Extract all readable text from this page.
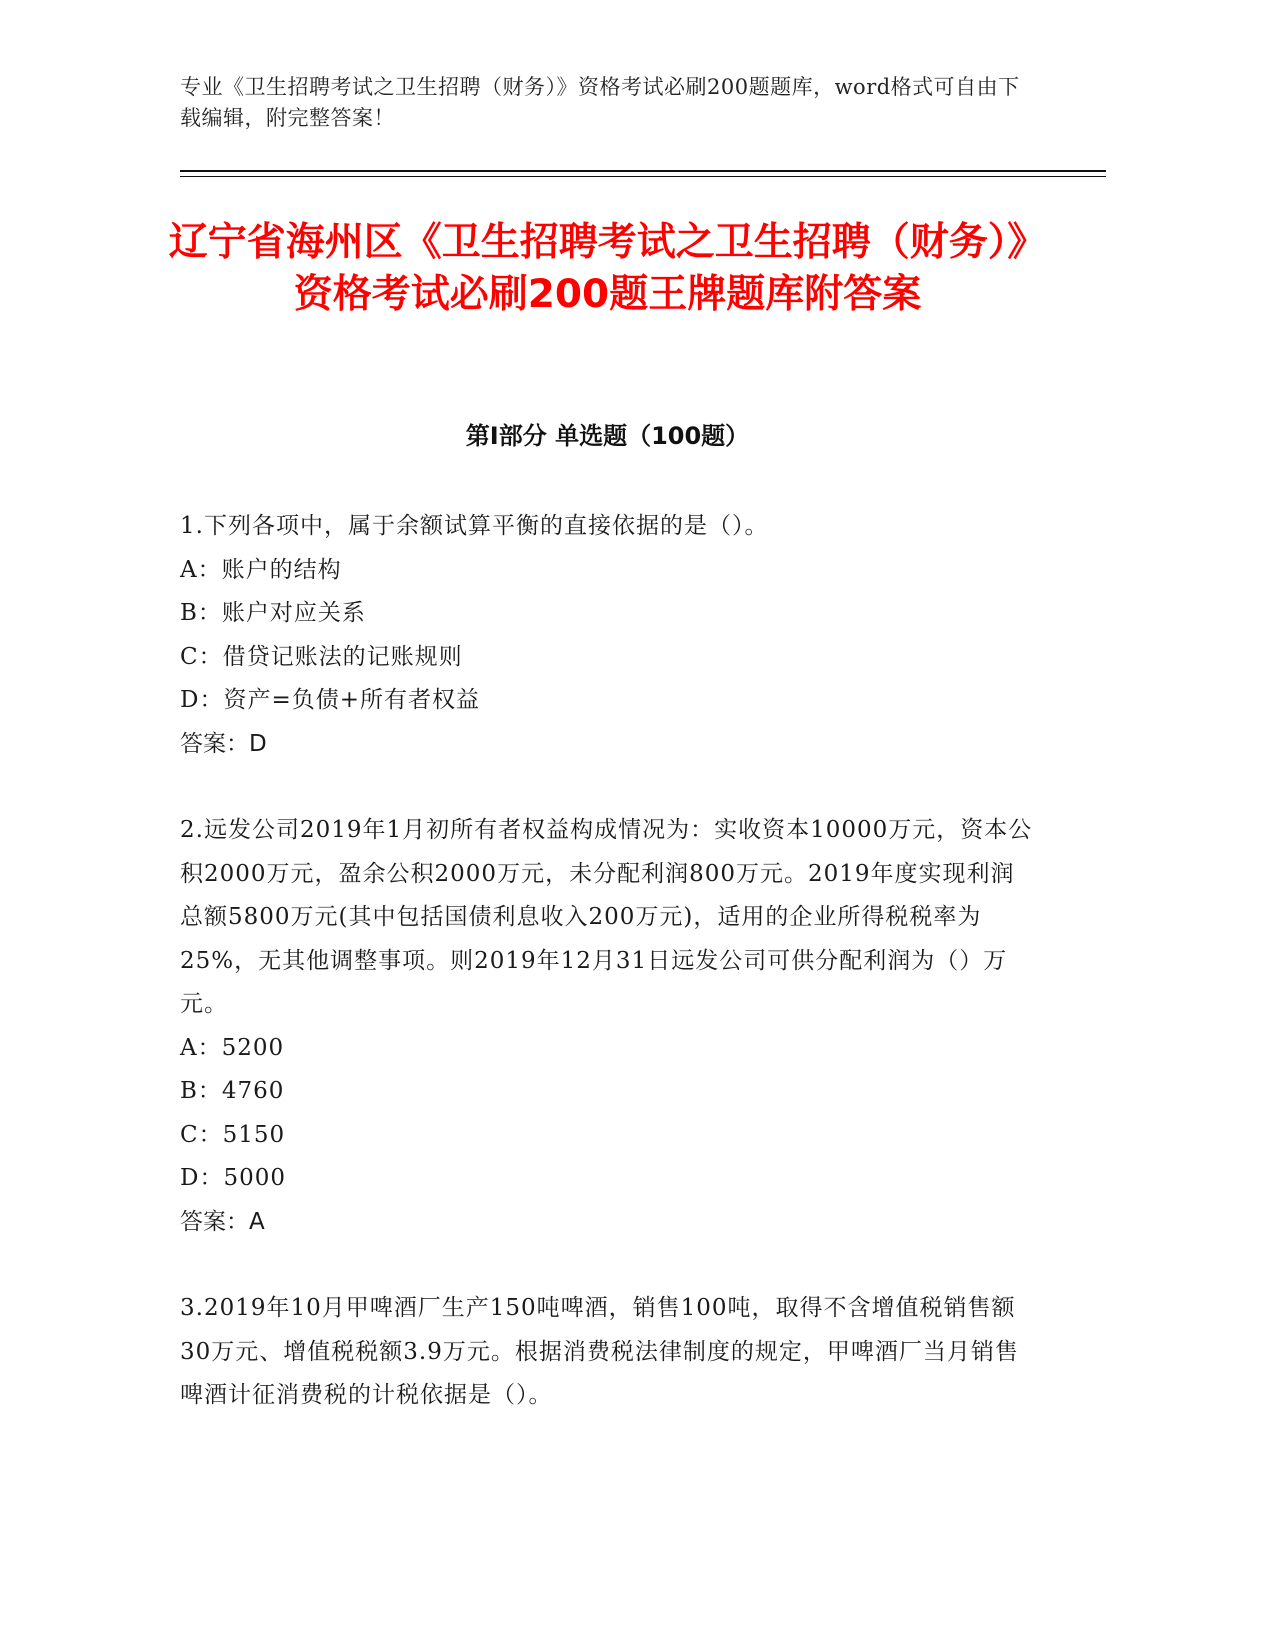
专业《卫生招聘考试之卫生招聘（财务）》资格考试必刷200题题库，word格式可自由下载编辑，附完整答案！
辽宁省海州区《卫生招聘考试之卫生招聘（财务）》资格考试必刷200题王牌题库附答案
第Ⅰ部分 单选题（100题）

1.下列各项中，属于余额试算平衡的直接依据的是（）。

A：账户的结构

B：账户对应关系

C：借贷记账法的记账规则

D：资产=负债+所有者权益

答案：D

2.远发公司2019年1月初所有者权益构成情况为：实收资本10000万元，资本公积2000万元，盈余公积2000万元，未分配利润800万元。2019年度实现利润总额5800万元(其中包括国债利息收入200万元)，适用的企业所得税税率为25%，无其他调整事项。则2019年12月31日远发公司可供分配利润为（）万元。

A：5200

B：4760

C：5150

D：5000

答案：A

3.2019年10月甲啤酒厂生产150吨啤酒，销售100吨，取得不含增值税销售额30万元、增值税税额3.9万元。根据消费税法律制度的规定，甲啤酒厂当月销售啤酒计征消费税的计税依据是（）。
